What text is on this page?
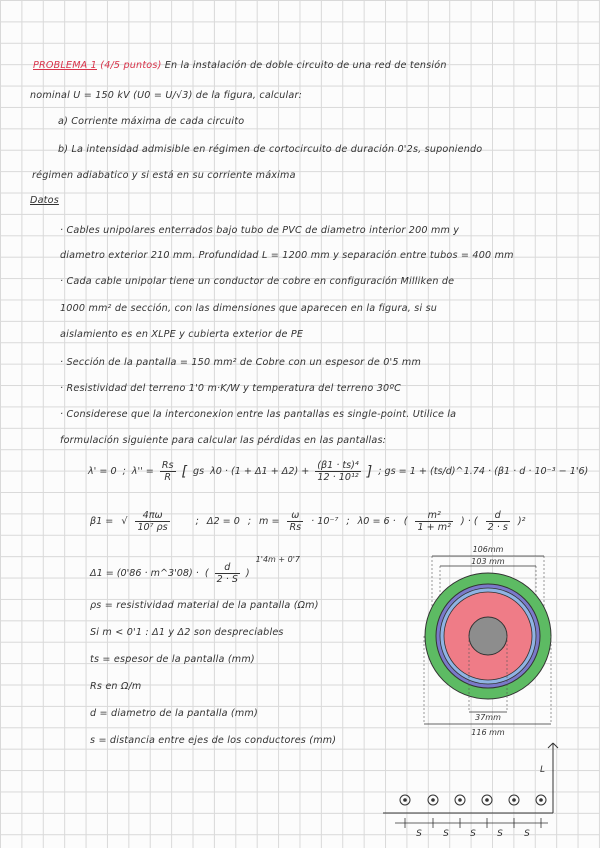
PROBLEMA 1 (4/5 puntos) En la instalación de doble circuito de una red de tensión
nominal U = 150 kV (U0 = U/√3) de la figura, calcular:
a) Corriente máxima de cada circuito
b) La intensidad admisible en régimen de cortocircuito de duración 0'2s, suponiendo
régimen adiabatico y si está en su corriente máxima
Datos
· Cables unipolares enterrados bajo tubo de PVC de diametro interior 200 mm y
diametro exterior 210 mm. Profundidad L = 1200 mm y separación entre tubos = 400 mm
· Cada cable unipolar tiene un conductor de cobre en configuración Milliken de
1000 mm² de sección, con las dimensiones que aparecen en la figura, si su
aislamiento es en XLPE y cubierta exterior de PE
· Sección de la pantalla = 150 mm² de Cobre con un espesor de 0'5 mm
· Resistividad del terreno 1'0 m·K/W y temperatura del terreno 30ºC
· Considerese que la interconexion entre las pantallas es single-point. Utilice la
formulación siguiente para calcular las pérdidas en las pantallas:
λ' = 0 ; $\lambda'' = \frac{Rs}{R}$ [ gs $\lambda 0 \cdot (1 + \Delta 1 + \Delta 2) + \frac{\text{(β1 · ts)⁴}}{\text{12 · 10¹²}}$ ] ; gs = 1 + (ts/d)^1.74 · (β1 · d · 10⁻³ − 1'6)
β1 = √ $\frac{4\pi\omega}{\text{10⁷ ρs}}$	; Δ2 = 0 ; $m = \frac{\omega}{Rs} \cdot 10^{-7}$ ; λ0 = 6 · ( $\frac{\text{m²}}{\text{1 + m²}}$ ) · ( $\frac{d}{2 \cdot s} )^2$
Δ1 = (0'86 · m^3'08) · ( $\frac{d}{2 \cdot S}$ )
1'4m + 0'7
ρs = resistividad material de la pantalla (Ωm)
Si m < 0'1 : Δ1 y Δ2 son despreciables
ts = espesor de la pantalla (mm)
Rs en Ω/m
d = diametro de la pantalla (mm)
s = distancia entre ejes de los conductores (mm)
106mm
103 mm
37mm
116 mm
L
S S S S S
